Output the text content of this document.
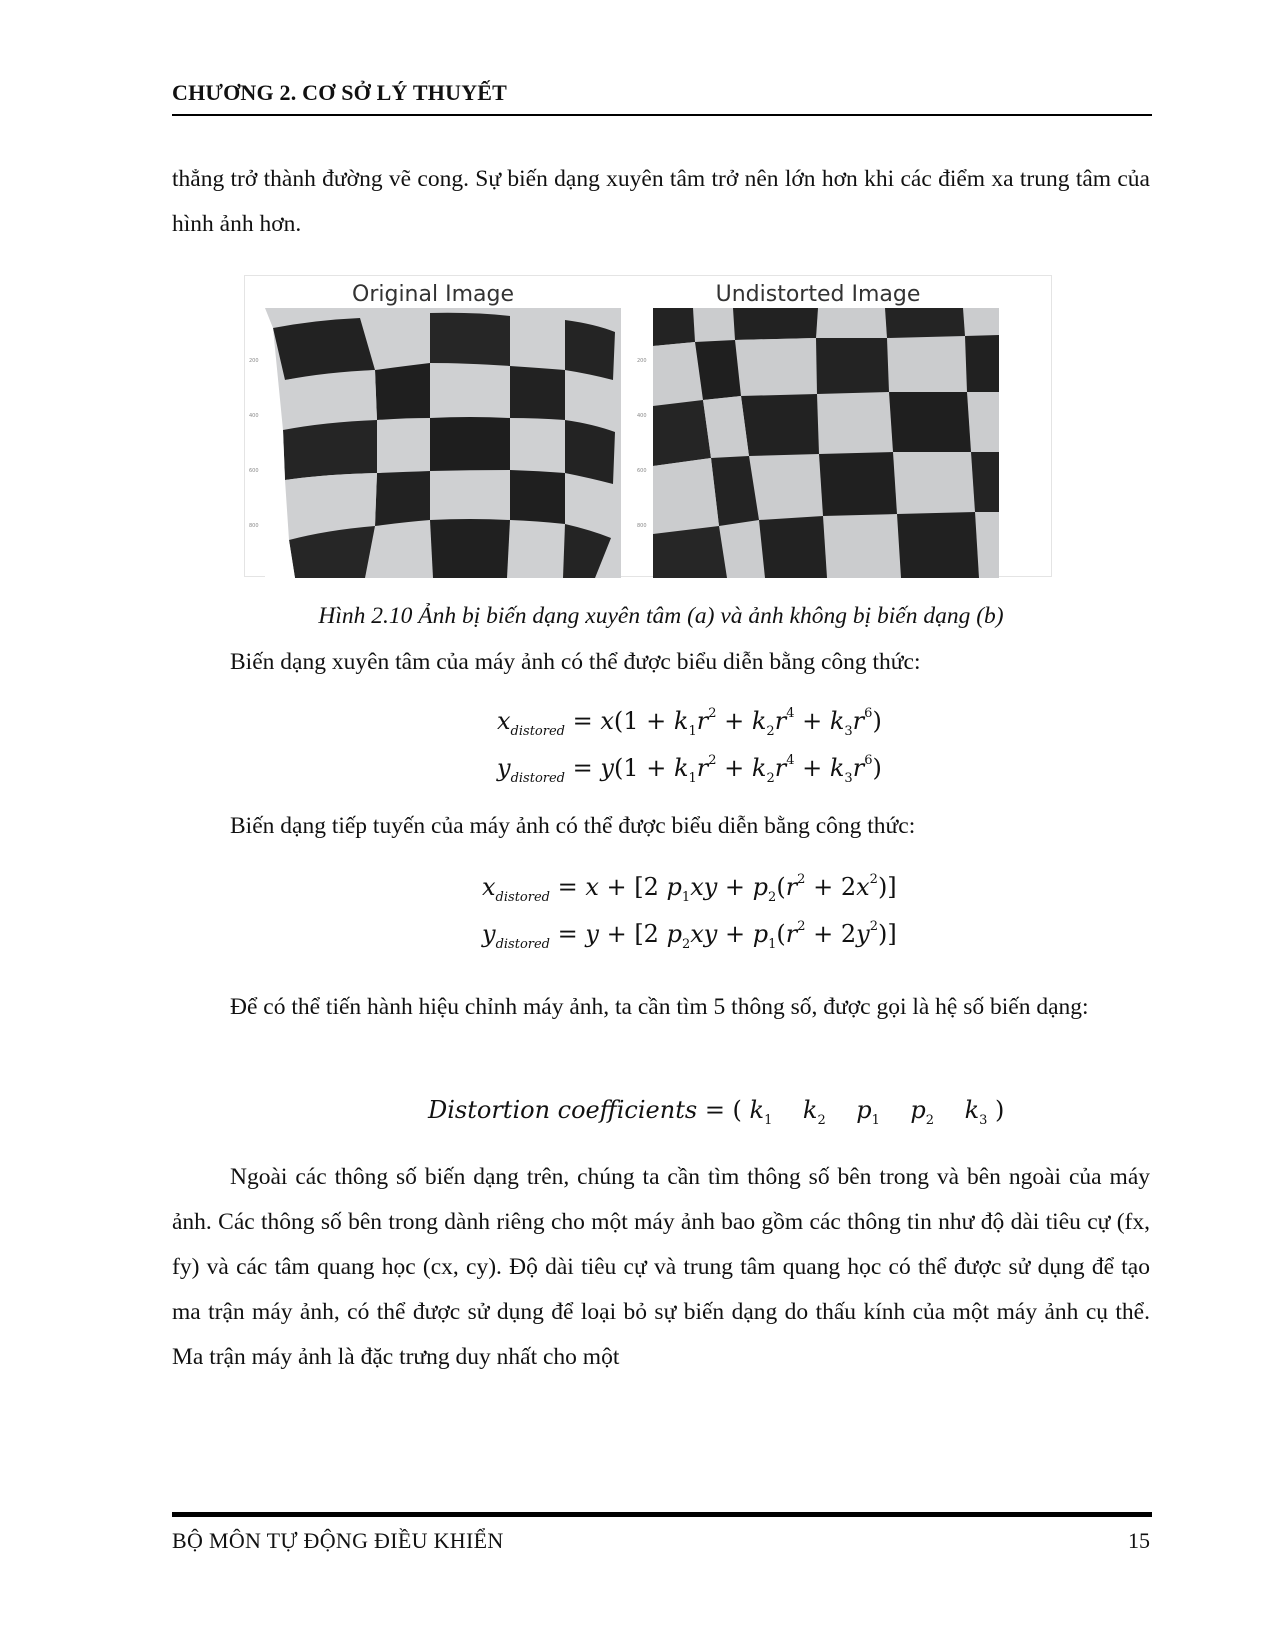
CHƯƠNG 2. CƠ SỞ LÝ THUYẾT

thẳng trở thành đường vẽ cong. Sự biến dạng xuyên tâm trở nên lớn hơn khi các điểm xa trung tâm của hình ảnh hơn.

Original Image	Undistorted Image
200
400
600
800
200
400
600
800
Hình 2.10 Ảnh bị biến dạng xuyên tâm (a) và ảnh không bị biến dạng (b)

Biến dạng xuyên tâm của máy ảnh có thể được biểu diễn bằng công thức:

$x_{distored} = x(1 + k_1r^2 + k_2r^4 + k_3r^6)$
$y_{distored} = y(1 + k_1r^2 + k_2r^4 + k_3r^6)$

Biến dạng tiếp tuyến của máy ảnh có thể được biểu diễn bằng công thức:

$x_{distored} = x + [2$ $p_1xy + p_2(r^2 + 2x^2)$]
$y_{distored} = y + [2$ $p_2xy + p_1(r^2 + 2y^2)$]

Để có thể tiến hành hiệu chỉnh máy ảnh, ta cần tìm 5 thông số, được gọi là hệ số biến dạng:

Distortion coefficients = ( $k_1$    $k_2$    $p_1$    $p_2$    $k_3$ )

Ngoài các thông số biến dạng trên, chúng ta cần tìm thông số bên trong và bên ngoài của máy ảnh. Các thông số bên trong dành riêng cho một máy ảnh bao gồm các thông tin như độ dài tiêu cự (fx, fy) và các tâm quang học (cx, cy). Độ dài tiêu cự và trung tâm quang học có thể được sử dụng để tạo ma trận máy ảnh, có thể được sử dụng để loại bỏ sự biến dạng do thấu kính của một máy ảnh cụ thể. Ma trận máy ảnh là đặc trưng duy nhất cho một

BỘ MÔN TỰ ĐỘNG ĐIỀU KHIỂN	15
